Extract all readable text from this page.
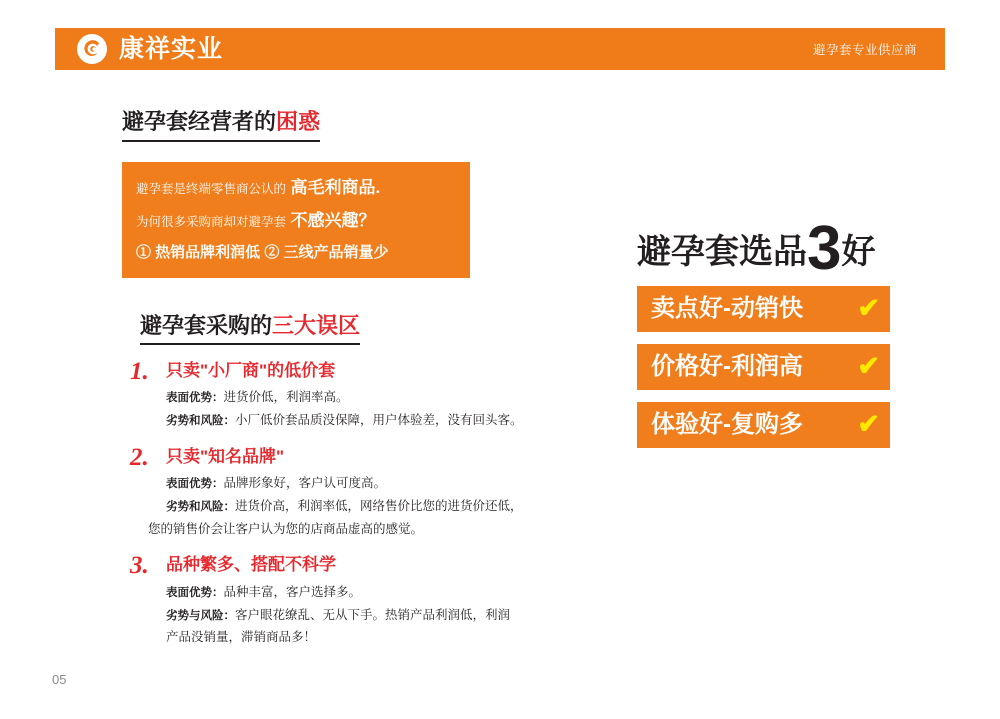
康祥实业	避孕套专业供应商
避孕套经营者的困惑
避孕套是终端零售商公认的 高毛利商品.
为何很多采购商却对避孕套 不感兴趣？
① 热销品牌利润低 ② 三线产品销量少
避孕套采购的三大误区
1. 只卖"小厂商"的低价套
表面优势：进货价低，利润率高。
劣势和风险：小厂低价套品质没保障，用户体验差，没有回头客。
2. 只卖"知名品牌"
表面优势：品牌形象好，客户认可度高。
劣势和风险：进货价高，利润率低，网络售价比您的进货价还低，
您的销售价会让客户认为您的店商品虚高的感觉。
3. 品种繁多、搭配不科学
表面优势：品种丰富，客户选择多。
劣势与风险：客户眼花缭乱、无从下手。热销产品利润低，利润
产品没销量，滞销商品多！
避孕套选品3好
卖点好-动销快 ✔
价格好-利润高 ✔
体验好-复购多 ✔
05
